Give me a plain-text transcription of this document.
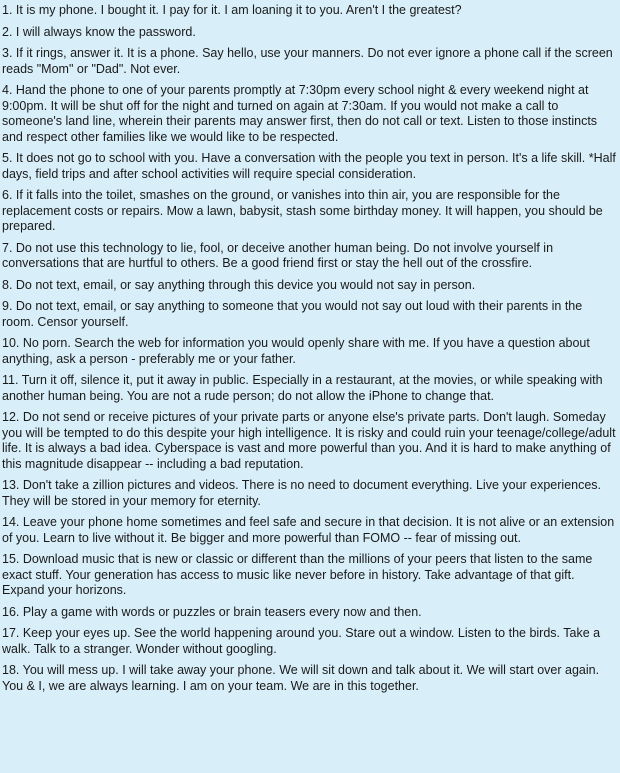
1. It is my phone. I bought it. I pay for it. I am loaning it to you. Aren't I the greatest?

2. I will always know the password.

3. If it rings, answer it. It is a phone. Say hello, use your manners. Do not ever ignore a phone call if the screen reads "Mom" or "Dad". Not ever.

4. Hand the phone to one of your parents promptly at 7:30pm every school night & every weekend night at 9:00pm. It will be shut off for the night and turned on again at 7:30am. If you would not make a call to someone's land line, wherein their parents may answer first, then do not call or text. Listen to those instincts and respect other families like we would like to be respected.

5. It does not go to school with you. Have a conversation with the people you text in person. It's a life skill. *Half days, field trips and after school activities will require special consideration.

6. If it falls into the toilet, smashes on the ground, or vanishes into thin air, you are responsible for the replacement costs or repairs. Mow a lawn, babysit, stash some birthday money. It will happen, you should be prepared.

7. Do not use this technology to lie, fool, or deceive another human being. Do not involve yourself in conversations that are hurtful to others. Be a good friend first or stay the hell out of the crossfire.

8. Do not text, email, or say anything through this device you would not say in person.

9. Do not text, email, or say anything to someone that you would not say out loud with their parents in the room. Censor yourself.

10. No porn. Search the web for information you would openly share with me. If you have a question about anything, ask a person - preferably me or your father.

11. Turn it off, silence it, put it away in public. Especially in a restaurant, at the movies, or while speaking with another human being. You are not a rude person; do not allow the iPhone to change that.

12. Do not send or receive pictures of your private parts or anyone else's private parts. Don't laugh. Someday you will be tempted to do this despite your high intelligence. It is risky and could ruin your teenage/college/adult life. It is always a bad idea. Cyberspace is vast and more powerful than you. And it is hard to make anything of this magnitude disappear -- including a bad reputation.

13. Don't take a zillion pictures and videos. There is no need to document everything. Live your experiences. They will be stored in your memory for eternity.

14. Leave your phone home sometimes and feel safe and secure in that decision. It is not alive or an extension of you. Learn to live without it. Be bigger and more powerful than FOMO -- fear of missing out.

15. Download music that is new or classic or different than the millions of your peers that listen to the same exact stuff. Your generation has access to music like never before in history. Take advantage of that gift. Expand your horizons.

16. Play a game with words or puzzles or brain teasers every now and then.

17. Keep your eyes up. See the world happening around you. Stare out a window. Listen to the birds. Take a walk. Talk to a stranger. Wonder without googling.

18. You will mess up. I will take away your phone. We will sit down and talk about it. We will start over again. You & I, we are always learning. I am on your team. We are in this together.
